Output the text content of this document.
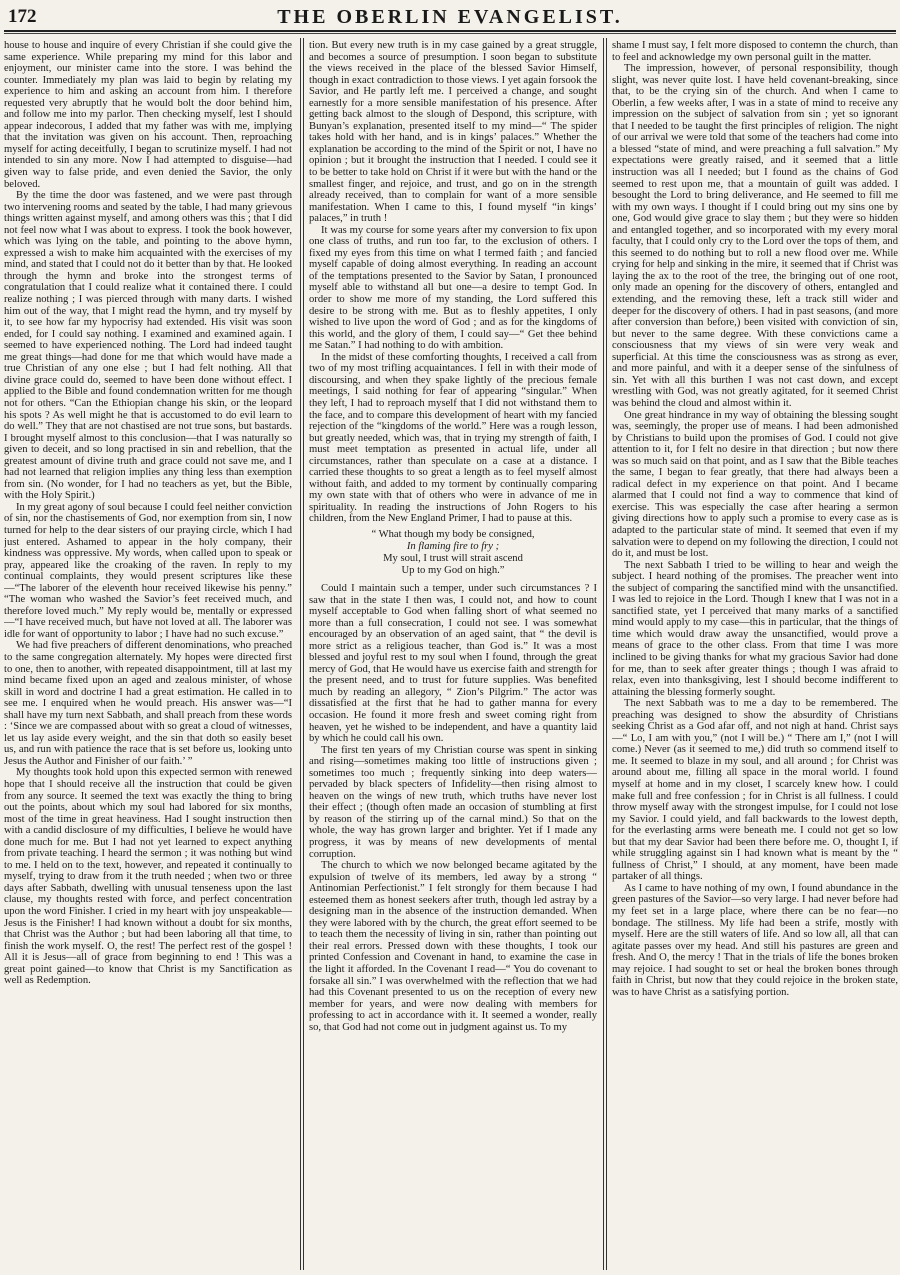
172	THE OBERLIN EVANGELIST.

house to house and inquire of every Christian if she could give the same experience. While preparing my mind for this labor and enjoyment, our minister came into the store. I was behind the counter. Immediately my plan was laid to begin by relating my experience to him and asking an account from him. I therefore requested very abruptly that he would bolt the door behind him, and follow me into my parlor. Then checking myself, lest I should appear indecorous, I added that my father was with me, implying that the invitation was given on his account. Then, reproaching myself for acting deceitfully, I began to scrutinize myself. I had not intended to sin any more. Now I had attempted to disguise—had given way to false pride, and even denied the Savior, the only beloved.

By the time the door was fastened, and we were past through two intervening rooms and seated by the table, I had many grievous things written against myself, and among others was this ; that I did not feel now what I was about to express. I took the book however, which was lying on the table, and pointing to the above hymn, expressed a wish to make him acquainted with the exercises of my mind, and stated that I could not do it better than by that. He looked through the hymn and broke into the strongest terms of congratulation that I could realize what it contained there. I could realize nothing ; I was pierced through with many darts. I wished him out of the way, that I might read the hymn, and try myself by it, to see how far my hypocrisy had extended. His visit was soon ended, for I could say nothing. I examined and examined again. I seemed to have experienced nothing. The Lord had indeed taught me great things—had done for me that which would have made a true Christian of any one else ; but I had felt nothing. All that divine grace could do, seemed to have been done without effect. I applied to the Bible and found condemnation written for me though not for others. “Can the Ethiopian change his skin, or the leopard his spots ? As well might he that is accustomed to do evil learn to do well.” They that are not chastised are not true sons, but bastards. I brought myself almost to this conclusion—that I was naturally so given to deceit, and so long practised in sin and rebellion, that the greatest amount of divine truth and grace could not save me, and I had not learned that religion implies any thing less than exemption from sin. (No wonder, for I had no teachers as yet, but the Bible, with the Holy Spirit.)

In my great agony of soul because I could feel neither conviction of sin, nor the chastisements of God, nor exemption from sin, I now turned for help to the dear sisters of our praying circle, which I had just entered. Ashamed to appear in the holy company, their kindness was oppressive. My words, when called upon to speak or pray, appeared like the croaking of the raven. In reply to my continual complaints, they would present scriptures like these—“The laborer of the eleventh hour received likewise his penny.” “The woman who washed the Savior’s feet received much, and therefore loved much.” My reply would be, mentally or expressed —“I have received much, but have not loved at all. The laborer was idle for want of opportunity to labor ; I have had no such excuse.”

We had five preachers of different denominations, who preached to the same congregation alternately. My hopes were directed first to one, then to another, with repeated disappointment, till at last my mind became fixed upon an aged and zealous minister, of whose skill in word and doctrine I had a great estimation. He called in to see me. I enquired when he would preach. His answer was—“I shall have my turn next Sabbath, and shall preach from these words : ‘Since we are compassed about with so great a cloud of witnesses, let us lay aside every weight, and the sin that doth so easily beset us, and run with patience the race that is set before us, looking unto Jesus the Author and Finisher of our faith.’ ”

My thoughts took hold upon this expected sermon with renewed hope that I should receive all the instruction that could be given from any source. It seemed the text was exactly the thing to bring out the points, about which my soul had labored for six months, most of the time in great heaviness. Had I sought instruction then with a candid disclosure of my difficulties, I believe he would have done much for me. But I had not yet learned to expect anything from private teaching. I heard the sermon ; it was nothing but wind to me. I held on to the text, however, and repeated it continually to myself, trying to draw from it the truth needed ; when two or three days after Sabbath, dwelling with unusual tenseness upon the last clause, my thoughts rested with force, and perfect concentration upon the word Finisher. I cried in my heart with joy unspeakable—Jesus is the Finisher! I had known without a doubt for six months, that Christ was the Author ; but had been laboring all that time, to finish the work myself. O, the rest! The perfect rest of the gospel ! All it is Jesus—all of grace from beginning to end ! This was a great point gained—to know that Christ is my Sanctification as well as Redemption.

tion. But every new truth is in my case gained by a great struggle, and becomes a source of presumption. I soon began to substitute the views received in the place of the blessed Savior Himself, though in exact contradiction to those views. I yet again forsook the Savior, and He partly left me. I perceived a change, and sought earnestly for a more sensible manifestation of his presence. After getting back almost to the slough of Despond, this scripture, with Bunyan’s explanation, presented itself to my mind—“ The spider takes hold with her hand, and is in kings’ palaces.” Whether the explanation be according to the mind of the Spirit or not, I have no opinion ; but it brought the instruction that I needed. I could see it to be better to take hold on Christ if it were but with the hand or the smallest finger, and rejoice, and trust, and go on in the strength already received, than to complain for want of a more sensible manifestation. When I came to this, I found myself “in kings’ palaces,” in truth !

It was my course for some years after my conversion to fix upon one class of truths, and run too far, to the exclusion of others. I fixed my eyes from this time on what I termed faith ; and fancied myself capable of doing almost everything. In reading an account of the temptations presented to the Savior by Satan, I pronounced myself able to withstand all but one—a desire to tempt God. In order to show me more of my standing, the Lord suffered this desire to be strong with me. But as to fleshly appetites, I only wished to live upon the word of God ; and as for the kingdoms of this world, and the glory of them, I could say—“ Get thee behind me Satan.” I had nothing to do with ambition.

In the midst of these comforting thoughts, I received a call from two of my most trifling acquaintances. I fell in with their mode of discoursing, and when they spake lightly of the precious female meetings, I said nothing for fear of appearing “singular.” When they left, I had to reproach myself that I did not withstand them to the face, and to compare this development of heart with my fancied rejection of the “kingdoms of the world.” Here was a rough lesson, but greatly needed, which was, that in trying my strength of faith, I must meet temptation as presented in actual life, under all circumstances, rather than speculate on a case at a distance. I carried these thoughts to so great a length as to feel myself almost without faith, and added to my torment by continually comparing my own state with that of others who were in advance of me in spirituality. In reading the instructions of John Rogers to his children, from the New England Primer, I had to pause at this.

“ What though my body be consigned,
In flaming fire to fry ;
My soul, I trust will strait ascend
Up to my God on high.”

Could I maintain such a temper, under such circumstances ? I saw that in the state I then was, I could not, and how to count myself acceptable to God when falling short of what seemed no more than a full consecration, I could not see. I was somewhat encouraged by an observation of an aged saint, that “ the devil is more strict as a religious teacher, than God is.” It was a most blessed and joyful rest to my soul when I found, through the great mercy of God, that He would have us exercise faith and strength for the present need, and to trust for future supplies. Was benefited much by reading an allegory, “ Zion’s Pilgrim.” The actor was dissatisfied at the first that he had to gather manna for every occasion. He found it more fresh and sweet coming right from heaven, yet he wished to be independent, and have a quantity laid by which he could call his own.

The first ten years of my Christian course was spent in sinking and rising—sometimes making too little of instructions given ; sometimes too much ; frequently sinking into deep waters—pervaded by black specters of Infidelity—then rising almost to heaven on the wings of new truth, which truths have never lost their effect ; (though often made an occasion of stumbling at first by reason of the stirring up of the carnal mind.) So that on the whole, the way has grown larger and brighter. Yet if I made any progress, it was by means of new developments of mental corruption.

The church to which we now belonged became agitated by the expulsion of twelve of its members, led away by a strong “ Antinomian Perfectionist.” I felt strongly for them because I had esteemed them as honest seekers after truth, though led astray by a designing man in the absence of the instruction demanded. When they were labored with by the church, the great effort seemed to be to teach them the necessity of living in sin, rather than pointing out their real errors. Pressed down with these thoughts, I took our printed Confession and Covenant in hand, to examine the case in the light it afforded. In the Covenant I read—“ You do covenant to forsake all sin.” I was overwhelmed with the reflection that we had had this Covenant presented to us on the reception of every new member for years, and were now dealing with members for professing to act in accordance with it. It seemed a wonder, really so, that God had not come out in judgment against us. To my

shame I must say, I felt more disposed to contemn the church, than to feel and acknowledge my own personal guilt in the matter.

The impression, however, of personal responsibility, though slight, was never quite lost. I have held covenant-breaking, since that, to be the crying sin of the church. And when I came to Oberlin, a few weeks after, I was in a state of mind to receive any impression on the subject of salvation from sin ; yet so ignorant that I needed to be taught the first principles of religion. The night of our arrival we were told that some of the teachers had come into a blessed “state of mind, and were preaching a full salvation.” My expectations were greatly raised, and it seemed that a little instruction was all I needed; but I found as the chains of God seemed to rest upon me, that a mountain of guilt was added. I besought the Lord to bring deliverance, and He seemed to fill me with my own ways. I thought if I could bring out my sins one by one, God would give grace to slay them ; but they were so hidden and entangled together, and so incorporated with my every moral faculty, that I could only cry to the Lord over the tops of them, and this seemed to do nothing but to roll a new flood over me. While crying for help and sinking in the mire, it seemed that if Christ was laying the ax to the root of the tree, the bringing out of one root, only made an opening for the discovery of others, entangled and extending, and the removing these, left a track still wider and deeper for the discovery of others. I had in past seasons, (and more after conversion than before,) been visited with conviction of sin, but never to the same degree. With these convictions came a consciousness that my views of sin were very weak and superficial. At this time the consciousness was as strong as ever, and more painful, and with it a deeper sense of the sinfulness of sin. Yet with all this burthen I was not cast down, and except wrestling with God, was not greatly agitated, for it seemed Christ was behind the cloud and almost within it.

One great hindrance in my way of obtaining the blessing sought was, seemingly, the proper use of means. I had been admonished by Christians to build upon the promises of God. I could not give attention to it, for I felt no desire in that direction ; but now there was so much said on that point, and as I saw that the Bible teaches the same, I began to fear greatly, that there had always been a radical defect in my experience on that point. And I became alarmed that I could not find a way to commence that kind of exercise. This was especially the case after hearing a sermon giving directions how to apply such a promise to every case as is adapted to the particular state of mind. It seemed that even if my salvation were to depend on my following the direction, I could not do it, and must be lost.

The next Sabbath I tried to be willing to hear and weigh the subject. I heard nothing of the promises. The preacher went into the subject of comparing the sanctified mind with the unsanctified. I was led to rejoice in the Lord. Though I knew that I was not in a sanctified state, yet I perceived that many marks of a sanctified mind would apply to my case—this in particular, that the things of time which would draw away the unsanctified, would prove a means of grace to the other class. From that time I was more inclined to be giving thanks for what my gracious Savior had done for me, than to seek after greater things ; though I was afraid to relax, even into thanksgiving, lest I should become indifferent to attaining the blessing formerly sought.

The next Sabbath was to me a day to be remembered. The preaching was designed to show the absurdity of Christians seeking Christ as a God afar off, and not nigh at hand. Christ says—“ Lo, I am with you,” (not I will be.) “ There am I,” (not I will come.) Never (as it seemed to me,) did truth so commend itself to me. It seemed to blaze in my soul, and all around ; for Christ was around about me, filling all space in the moral world. I found myself at home and in my closet, I scarcely knew how. I could make full and free confession ; for in Christ is all fullness. I could throw myself away with the strongest impulse, for I could not lose my Savior. I could yield, and fall backwards to the lowest depth, for the everlasting arms were beneath me. I could not get so low but that my dear Savior had been there before me. O, thought I, if while struggling against sin I had known what is meant by the “ fullness of Christ,” I should, at any moment, have been made partaker of all things.

As I came to have nothing of my own, I found abundance in the green pastures of the Savior—so very large. I had never before had my feet set in a large place, where there can be no fear—no bondage. The stillness. My life had been a strife, mostly with myself. Here are the still waters of life. And so low all, all that can agitate passes over my head. And still his pastures are green and fresh. And O, the mercy ! That in the trials of life the bones broken may rejoice. I had sought to set or heal the broken bones through faith in Christ, but now that they could rejoice in the broken state, was to have Christ as a satisfying portion.
